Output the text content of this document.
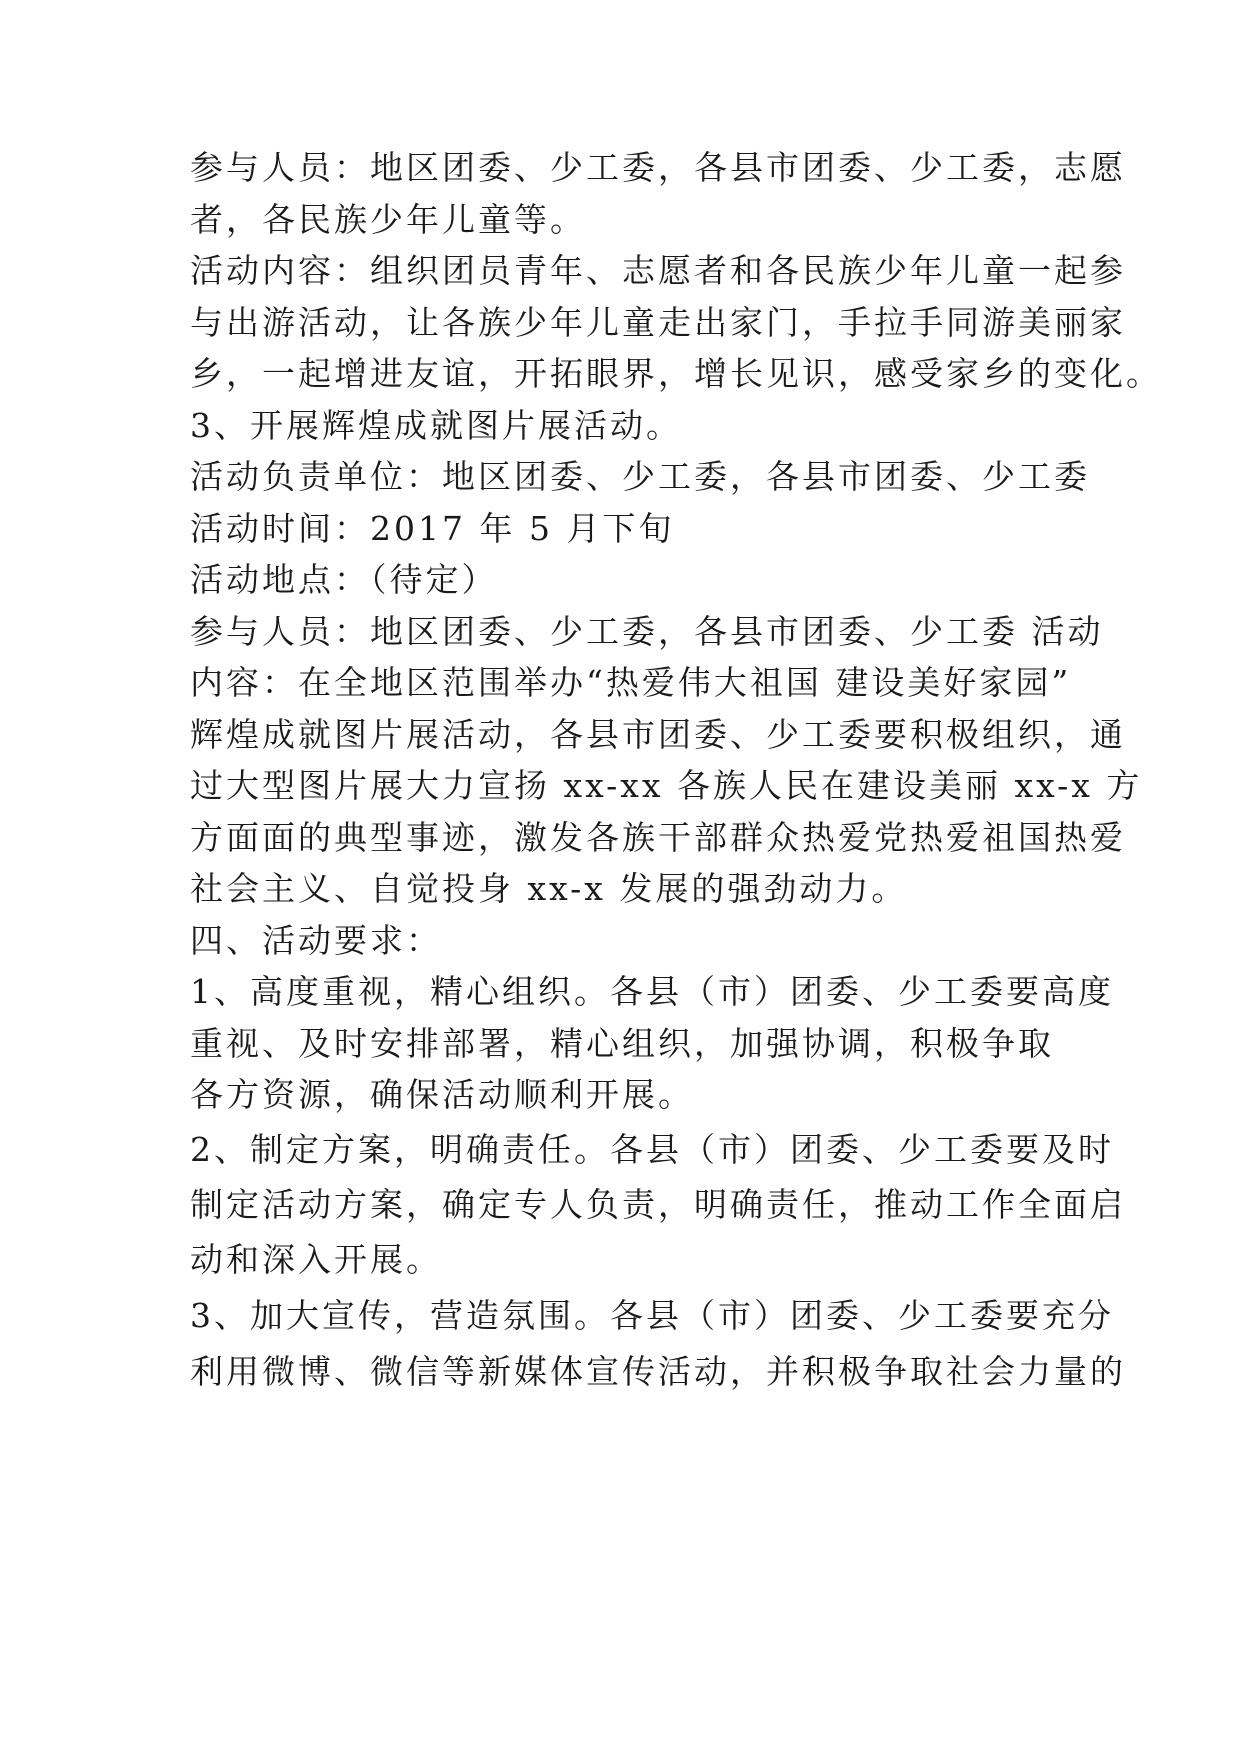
参与人员：地区团委、少工委，各县市团委、少工委，志愿

者，各民族少年儿童等。

活动内容：组织团员青年、志愿者和各民族少年儿童一起参

与出游活动，让各族少年儿童走出家门，手拉手同游美丽家

乡，一起增进友谊，开拓眼界，增长见识，感受家乡的变化。

3、开展辉煌成就图片展活动。

活动负责单位：地区团委、少工委，各县市团委、少工委

活动时间：2017 年 5 月下旬

活动地点：（待定）

参与人员：地区团委、少工委，各县市团委、少工委 活动

内容：在全地区范围举办“热爱伟大祖国 建设美好家园”

辉煌成就图片展活动，各县市团委、少工委要积极组织，通

过大型图片展大力宣扬 xx-xx 各族人民在建设美丽 xx-x 方

方面面的典型事迹，激发各族干部群众热爱党热爱祖国热爱

社会主义、自觉投身 xx-x 发展的强劲动力。

四、活动要求：

1、高度重视，精心组织。各县（市）团委、少工委要高度

重视、及时安排部署，精心组织，加强协调，积极争取

各方资源，确保活动顺利开展。

2、制定方案，明确责任。各县（市）团委、少工委要及时

制定活动方案，确定专人负责，明确责任，推动工作全面启

动和深入开展。

3、加大宣传，营造氛围。各县（市）团委、少工委要充分

利用微博、微信等新媒体宣传活动，并积极争取社会力量的
